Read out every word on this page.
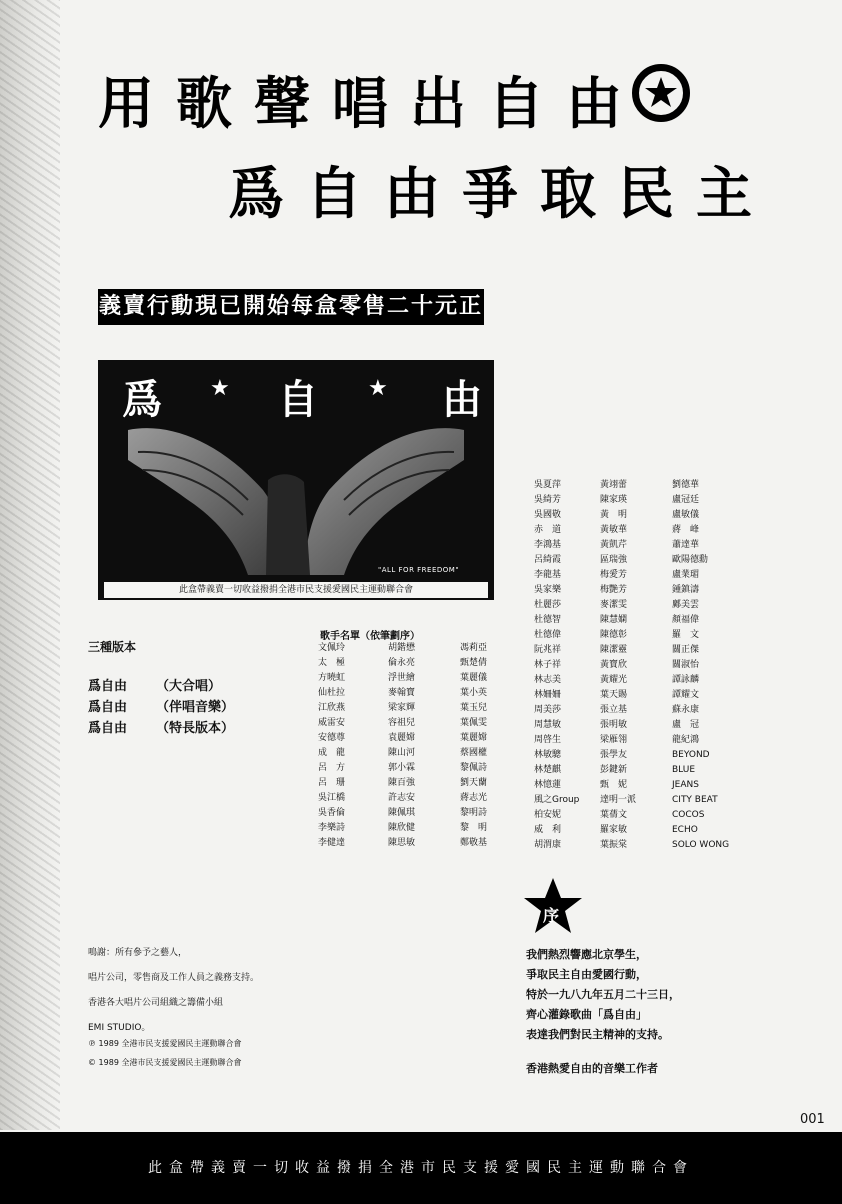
用歌聲唱出自由
爲自由爭取民主
義賣行動現已開始每盒零售二十元正
爲 ★ 自 ★ 由
"ALL FOR FREEDOM"
此盒帶義賣一切收益撥捐全港市民支援愛國民主運動聯合會
三種版本
爲自由 （大合唱）
爲自由 （伴唱音樂）
爲自由 （特長版本）
歌手名單（依筆劃序）
文佩玲
太　極
方曉虹
仙杜拉
江欣燕
威雷安
安德尊
成　龍
呂　方
呂　珊
吳江橋
吳香倫
李樂詩
李健達
胡鍇懋
倫永亮
浮世繪
麥翰寶
梁家輝
容祖兒
袁麗嫦
陳山河
郭小霖
陳百強
許志安
陳佩琪
陳欣健
陳思敏
馮莉亞
甄楚倩
葉麗儀
葉小英
葉玉兒
葉佩雯
葉麗嫦
蔡國權
黎佩詩
劉天蘭
蔣志光
黎明詩
黎　明
鄭敬基
吳夏萍
吳綺芳
吳國敬
赤　道
李鴻基
呂綺霞
李龍基
吳家樂
杜麗莎
杜德智
杜德偉
阮兆祥
林子祥
林志美
林姍姍
周美莎
周慧敏
周啓生
林敏驄
林楚麒
林憶蓮
風之Group
柏安妮
威　利
胡渭康
黃翊蕾
陳家瑛
黃　明
黃敏華
黃凱芹
區瑞強
梅愛芳
梅艷芳
麥潔雯
陳慧嫻
陳德彰
陳潔靈
黃寶欣
黃耀光
葉天賜
張立基
張明敏
梁雁翎
張學友
彭鍵新
甄　妮
達明一派
葉蒨文
羅家敏
葉振棠
劉德華
盧冠廷
盧敏儀
蔣　峰
蕭達華
歐陽德勳
盧業瑂
鍾鎮濤
鄺美雲
顏福偉
羅　文
關正傑
關淑怡
譚詠麟
譚耀文
蘇永康
盧　冠
龍紀鴻
BEYOND
BLUE
JEANS
CITY BEAT
COCOS
ECHO
SOLO WONG
序
鳴謝：所有參予之藝人，
唱片公司，零售商及工作人員之義務支持。
香港各大唱片公司組織之籌備小組
EMI STUDIO。
℗ 1989 全港市民支援愛國民主運動聯合會
© 1989 全港市民支援愛國民主運動聯合會
我們熱烈響應北京學生，
爭取民主自由愛國行動，
特於一九八九年五月二十三日，
齊心灌錄歌曲「爲自由」
表達我們對民主精神的支持。
香港熱愛自由的音樂工作者
001
此盒帶義賣一切收益撥捐全港市民支援愛國民主運動聯合會
